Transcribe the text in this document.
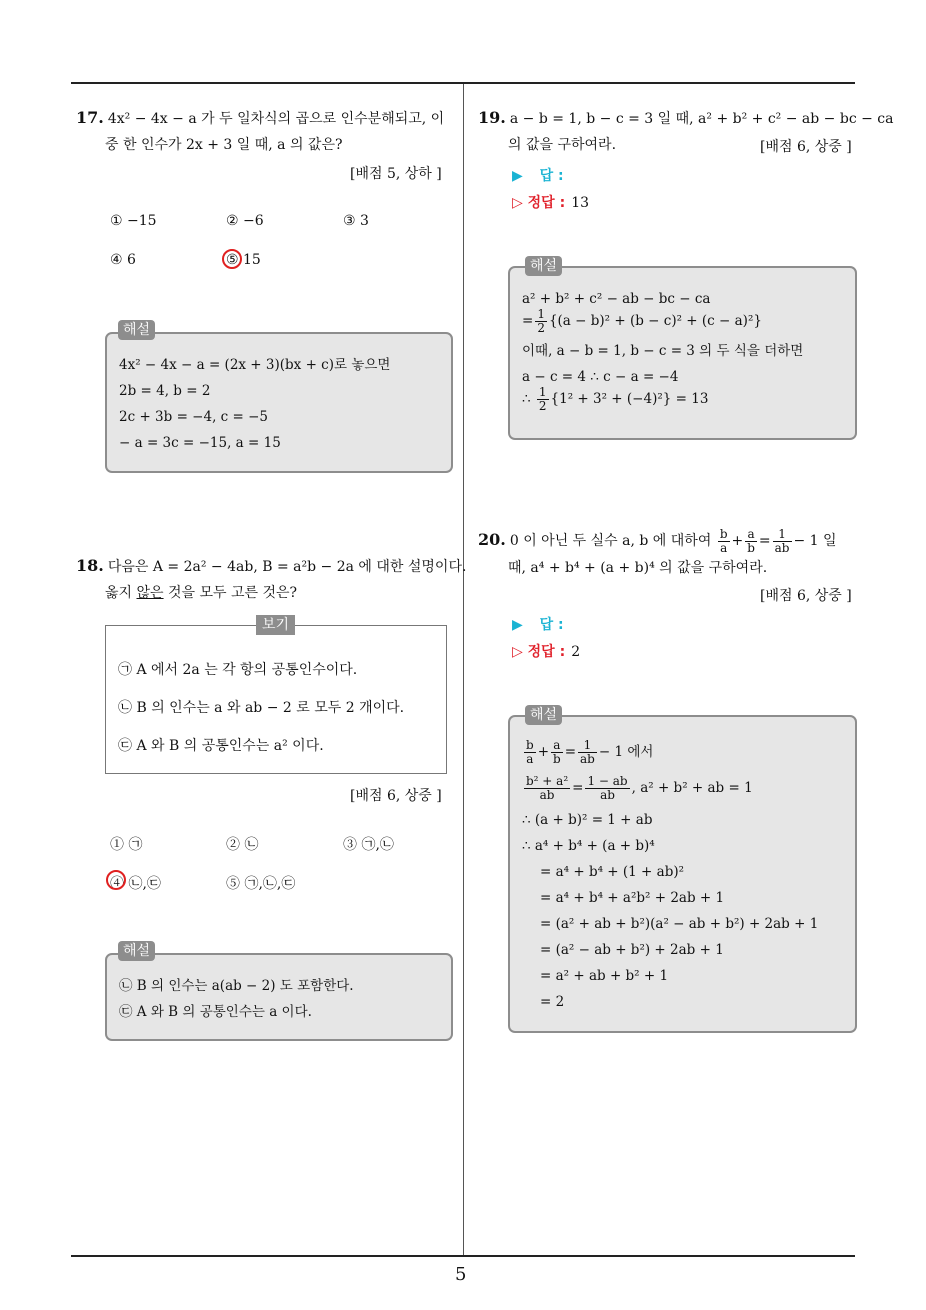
17. 4x² − 4x − a 가 두 일차식의 곱으로 인수분해되고, 이
중 한 인수가 2x + 3 일 때, a 의 값은?
[배점 5, 상하 ]
① −15	② −6	③ 3
④ 6	⑤ 15
4x² − 4x − a = (2x + 3)(bx + c)로 놓으면
2b = 4, b = 2
2c + 3b = −4, c = −5
− a = 3c = −15, a = 15
해설
18. 다음은 A = 2a² − 4ab, B = a²b − 2a 에 대한 설명이다.
옳지 않은 것을 모두 고른 것은?
㉠ A 에서 2a 는 각 항의 공통인수이다.
㉡ B 의 인수는 a 와 ab − 2 로 모두 2 개이다.
㉢ A 와 B 의 공통인수는 a² 이다.
보기
[배점 6, 상중 ]
① ㉠	② ㉡	③ ㉠,㉡
④ ㉡,㉢	⑤ ㉠,㉡,㉢
㉡ B 의 인수는 a(ab − 2) 도 포함한다.
㉢ A 와 B 의 공통인수는 a 이다.
해설
19. a − b = 1, b − c = 3 일 때, a² + b² + c² − ab − bc − ca
의 값을 구하여라.	[배점 6, 상중 ]
▶ 답 :
▷ 정답 : 13
a² + b² + c² − ab − bc − ca
= $\frac{1}{2} \{(a - b)^2 + (b - c)^2 + (c - a)^2\}$
이때, a − b = 1, b − c = 3 의 두 식을 더하면
a − c = 4 ∴ c − a = −4
∴ $\frac{1}{2} \{1^2 + 3^2 + (-4)^2\} = 13$
해설
20. 0 이 아닌 두 실수 a, b 에 대하여 $\frac{b}{a} + \frac{a}{b} = \frac{1}{ab} - 1$ 일
때, a⁴ + b⁴ + (a + b)⁴ 의 값을 구하여라.
[배점 6, 상중 ]
▶ 답 :
▷ 정답 : 2
$\frac{b}{a} + \frac{a}{b} = \frac{1}{ab} - 1$ 에서
$\frac{\text{b² + a²}}{ab} = \frac{1 - ab}{ab}$ , a² + b² + ab = 1
∴ (a + b)² = 1 + ab
∴ a⁴ + b⁴ + (a + b)⁴
= a⁴ + b⁴ + (1 + ab)²
= a⁴ + b⁴ + a²b² + 2ab + 1
= (a² + ab + b²)(a² − ab + b²) + 2ab + 1
= (a² − ab + b²) + 2ab + 1
= a² + ab + b² + 1
= 2
해설
5
